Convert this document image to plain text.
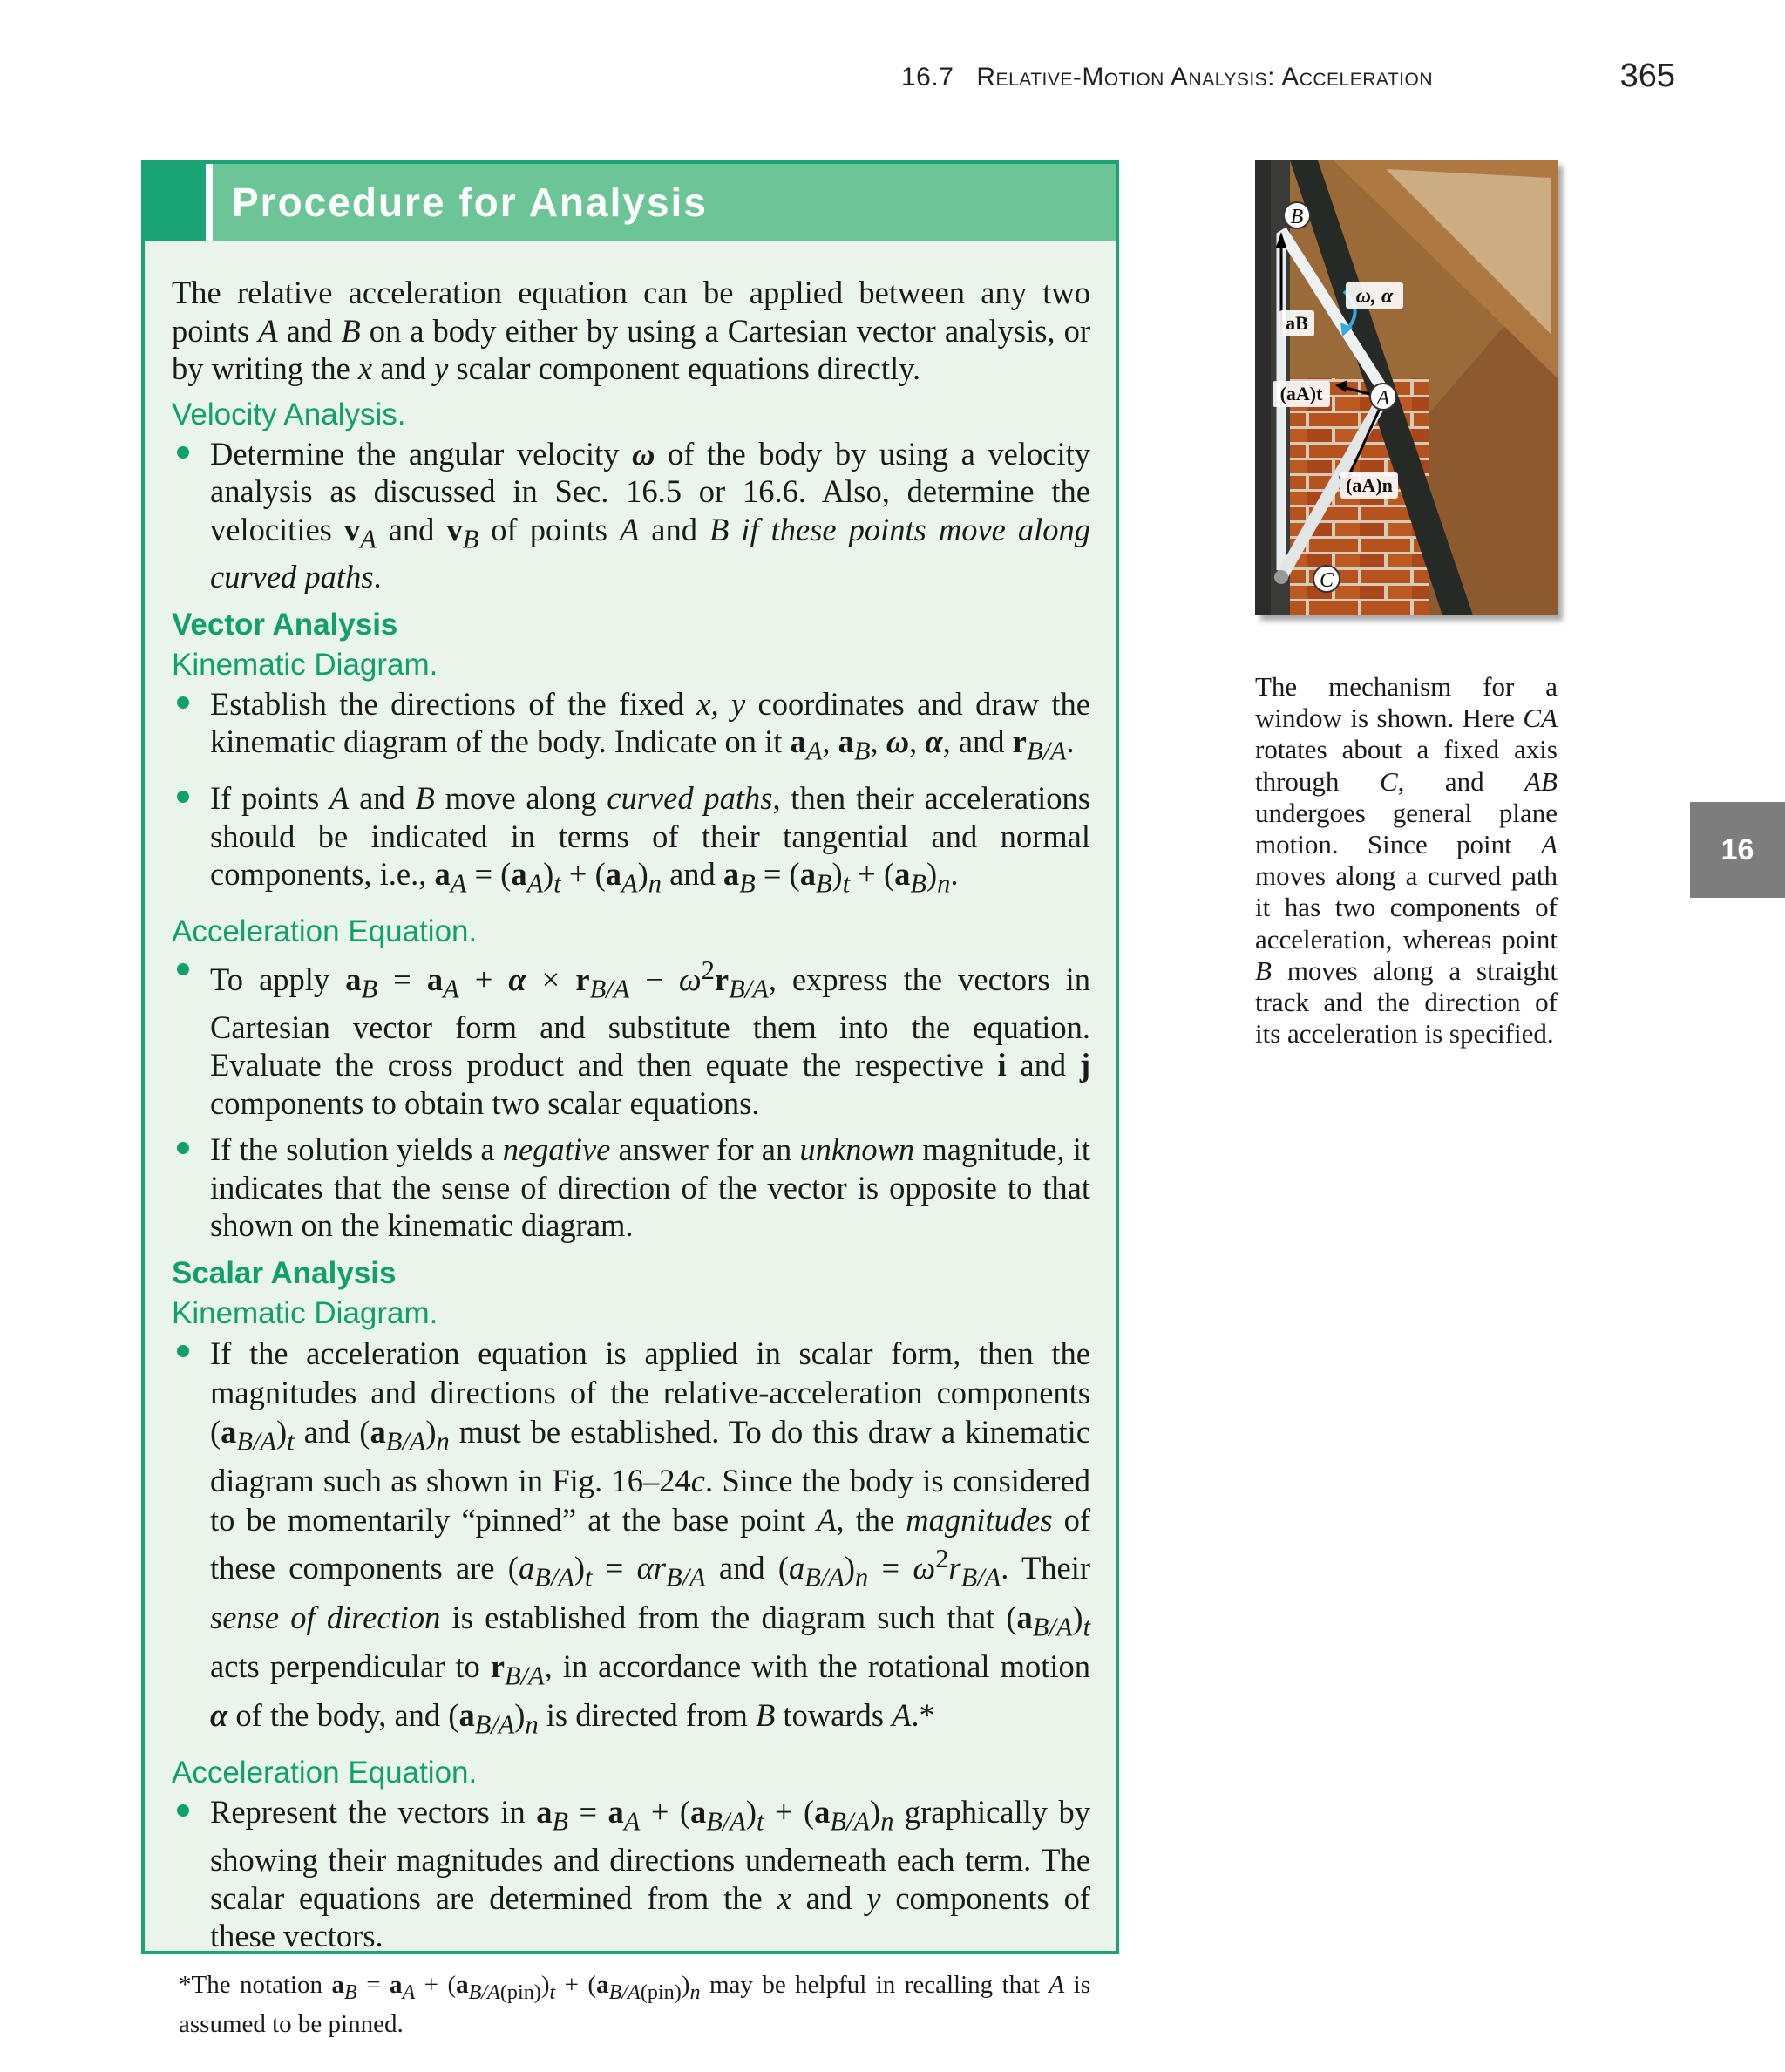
16.7 Relative-Motion Analysis: Acceleration	365
Procedure for Analysis

The relative acceleration equation can be applied between any two points A and B on a body either by using a Cartesian vector analysis, or by writing the x and y scalar component equations directly.

Velocity Analysis.
Determine the angular velocity ω of the body by using a velocity analysis as discussed in Sec. 16.5 or 16.6. Also, determine the velocities $v_A$ and $v_B$ of points A and B if these points move along curved paths.
Vector Analysis
Kinematic Diagram.
Establish the directions of the fixed x, y coordinates and draw the kinematic diagram of the body. Indicate on it $a_A$, $a_B$, ω, α, and $r_{B/A}$.
If points A and B move along curved paths, then their accelerations should be indicated in terms of their tangential and normal components, i.e., $a_A = (a_A)_t + (a_A)_n$ and $a_B = (a_B)_t + (a_B)_n$.
Acceleration Equation.
To apply $a_B = a_A + \alpha \times r_{B/A} - \omega^2r_{B/A}$, express the vectors in Cartesian vector form and substitute them into the equation. Evaluate the cross product and then equate the respective i and j components to obtain two scalar equations.
If the solution yields a negative answer for an unknown magnitude, it indicates that the sense of direction of the vector is opposite to that shown on the kinematic diagram.
Scalar Analysis
Kinematic Diagram.
If the acceleration equation is applied in scalar form, then the magnitudes and directions of the relative-acceleration components $(a_{B/A})_t$ and $(a_{B/A})_n$ must be established. To do this draw a kinematic diagram such as shown in Fig. 16–24c. Since the body is considered to be momentarily “pinned” at the base point A, the magnitudes of these components are $(a_{B/A})_t = \alpha r_{B/A}$ and $(a_{B/A})_n = \omega^2r_{B/A}$. Their sense of direction is established from the diagram such that $(a_{B/A})_t$ acts perpendicular to $r_{B/A}$, in accordance with the rotational motion α of the body, and $(a_{B/A})_n$ is directed from B towards A.*
Acceleration Equation.
Represent the vectors in $a_B = a_A + (a_{B/A})_t + (a_{B/A})_n$ graphically by showing their magnitudes and directions underneath each term. The scalar equations are determined from the x and y components of these vectors.
*The notation $a_B = a_A + (a_{B/A(pin)})_t + (a_{B/A(pin)})_n$ may be helpful in recalling that A is assumed to be pinned.
B
ω, α
aB
(aA)t	A
(aA)n
C
The mechanism for a window is shown. Here CA rotates about a fixed axis through C, and AB undergoes general plane motion. Since point A moves along a curved path it has two components of acceleration, whereas point B moves along a straight track and the direction of its acceleration is specified.
16
